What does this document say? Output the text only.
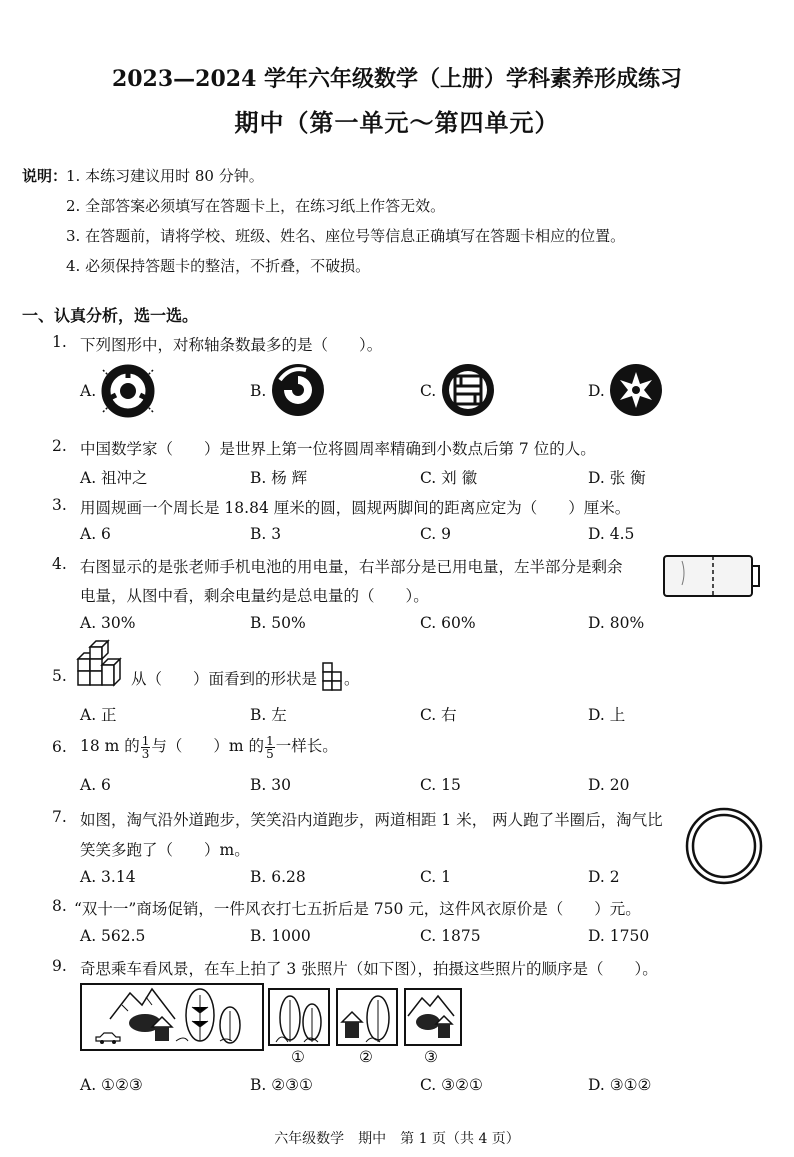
2023—2024 学年六年级数学（上册）学科素养形成练习
期中（第一单元～第四单元）
说明：
1. 本练习建议用时 80 分钟。
2. 全部答案必须填写在答题卡上，在练习纸上作答无效。
3. 在答题前，请将学校、班级、姓名、座位号等信息正确填写在答题卡相应的位置。
4. 必须保持答题卡的整洁，不折叠，不破损。
一、认真分析，选一选。
1. 下列图形中，对称轴条数最多的是（　　）。
A.	B.	C.	D.
2. 中国数学家（　　）是世界上第一位将圆周率精确到小数点后第 7 位的人。
A. 祖冲之	B. 杨 辉	C. 刘 徽	D. 张 衡
3. 用圆规画一个周长是 18.84 厘米的圆，圆规两脚间的距离应定为（　　）厘米。
A. 6	B. 3	C. 9	D. 4.5
4. 右图显示的是张老师手机电池的用电量，右半部分是已用电量，左半部分是剩余
电量，从图中看，剩余电量约是总电量的（　　）。
A. 30%	B. 50%	C. 60%	D. 80%
5.	从（　　）面看到的形状是 。
A. 正	B. 左	C. 右	D. 上
6. 18 m 的 $\frac{1}{3}$ 与（　　）m 的 $\frac{1}{5}$ 一样长。
A. 6	B. 30	C. 15	D. 20
7. 如图，淘气沿外道跑步，笑笑沿内道跑步，两道相距 1 米， 两人跑了半圈后，淘气比
笑笑多跑了（　　）m。
A. 3.14	B. 6.28	C. 1	D. 2
8. “双十一”商场促销，一件风衣打七五折后是 750 元，这件风衣原价是（　　）元。
A. 562.5	B. 1000	C. 1875	D. 1750
9. 奇思乘车看风景，在车上拍了 3 张照片（如下图），拍摄这些照片的顺序是（　　）。
①	②	③
A. ①②③	B. ②③①	C. ③②①	D. ③①②
六年级数学　期中　第 1 页（共 4 页）
